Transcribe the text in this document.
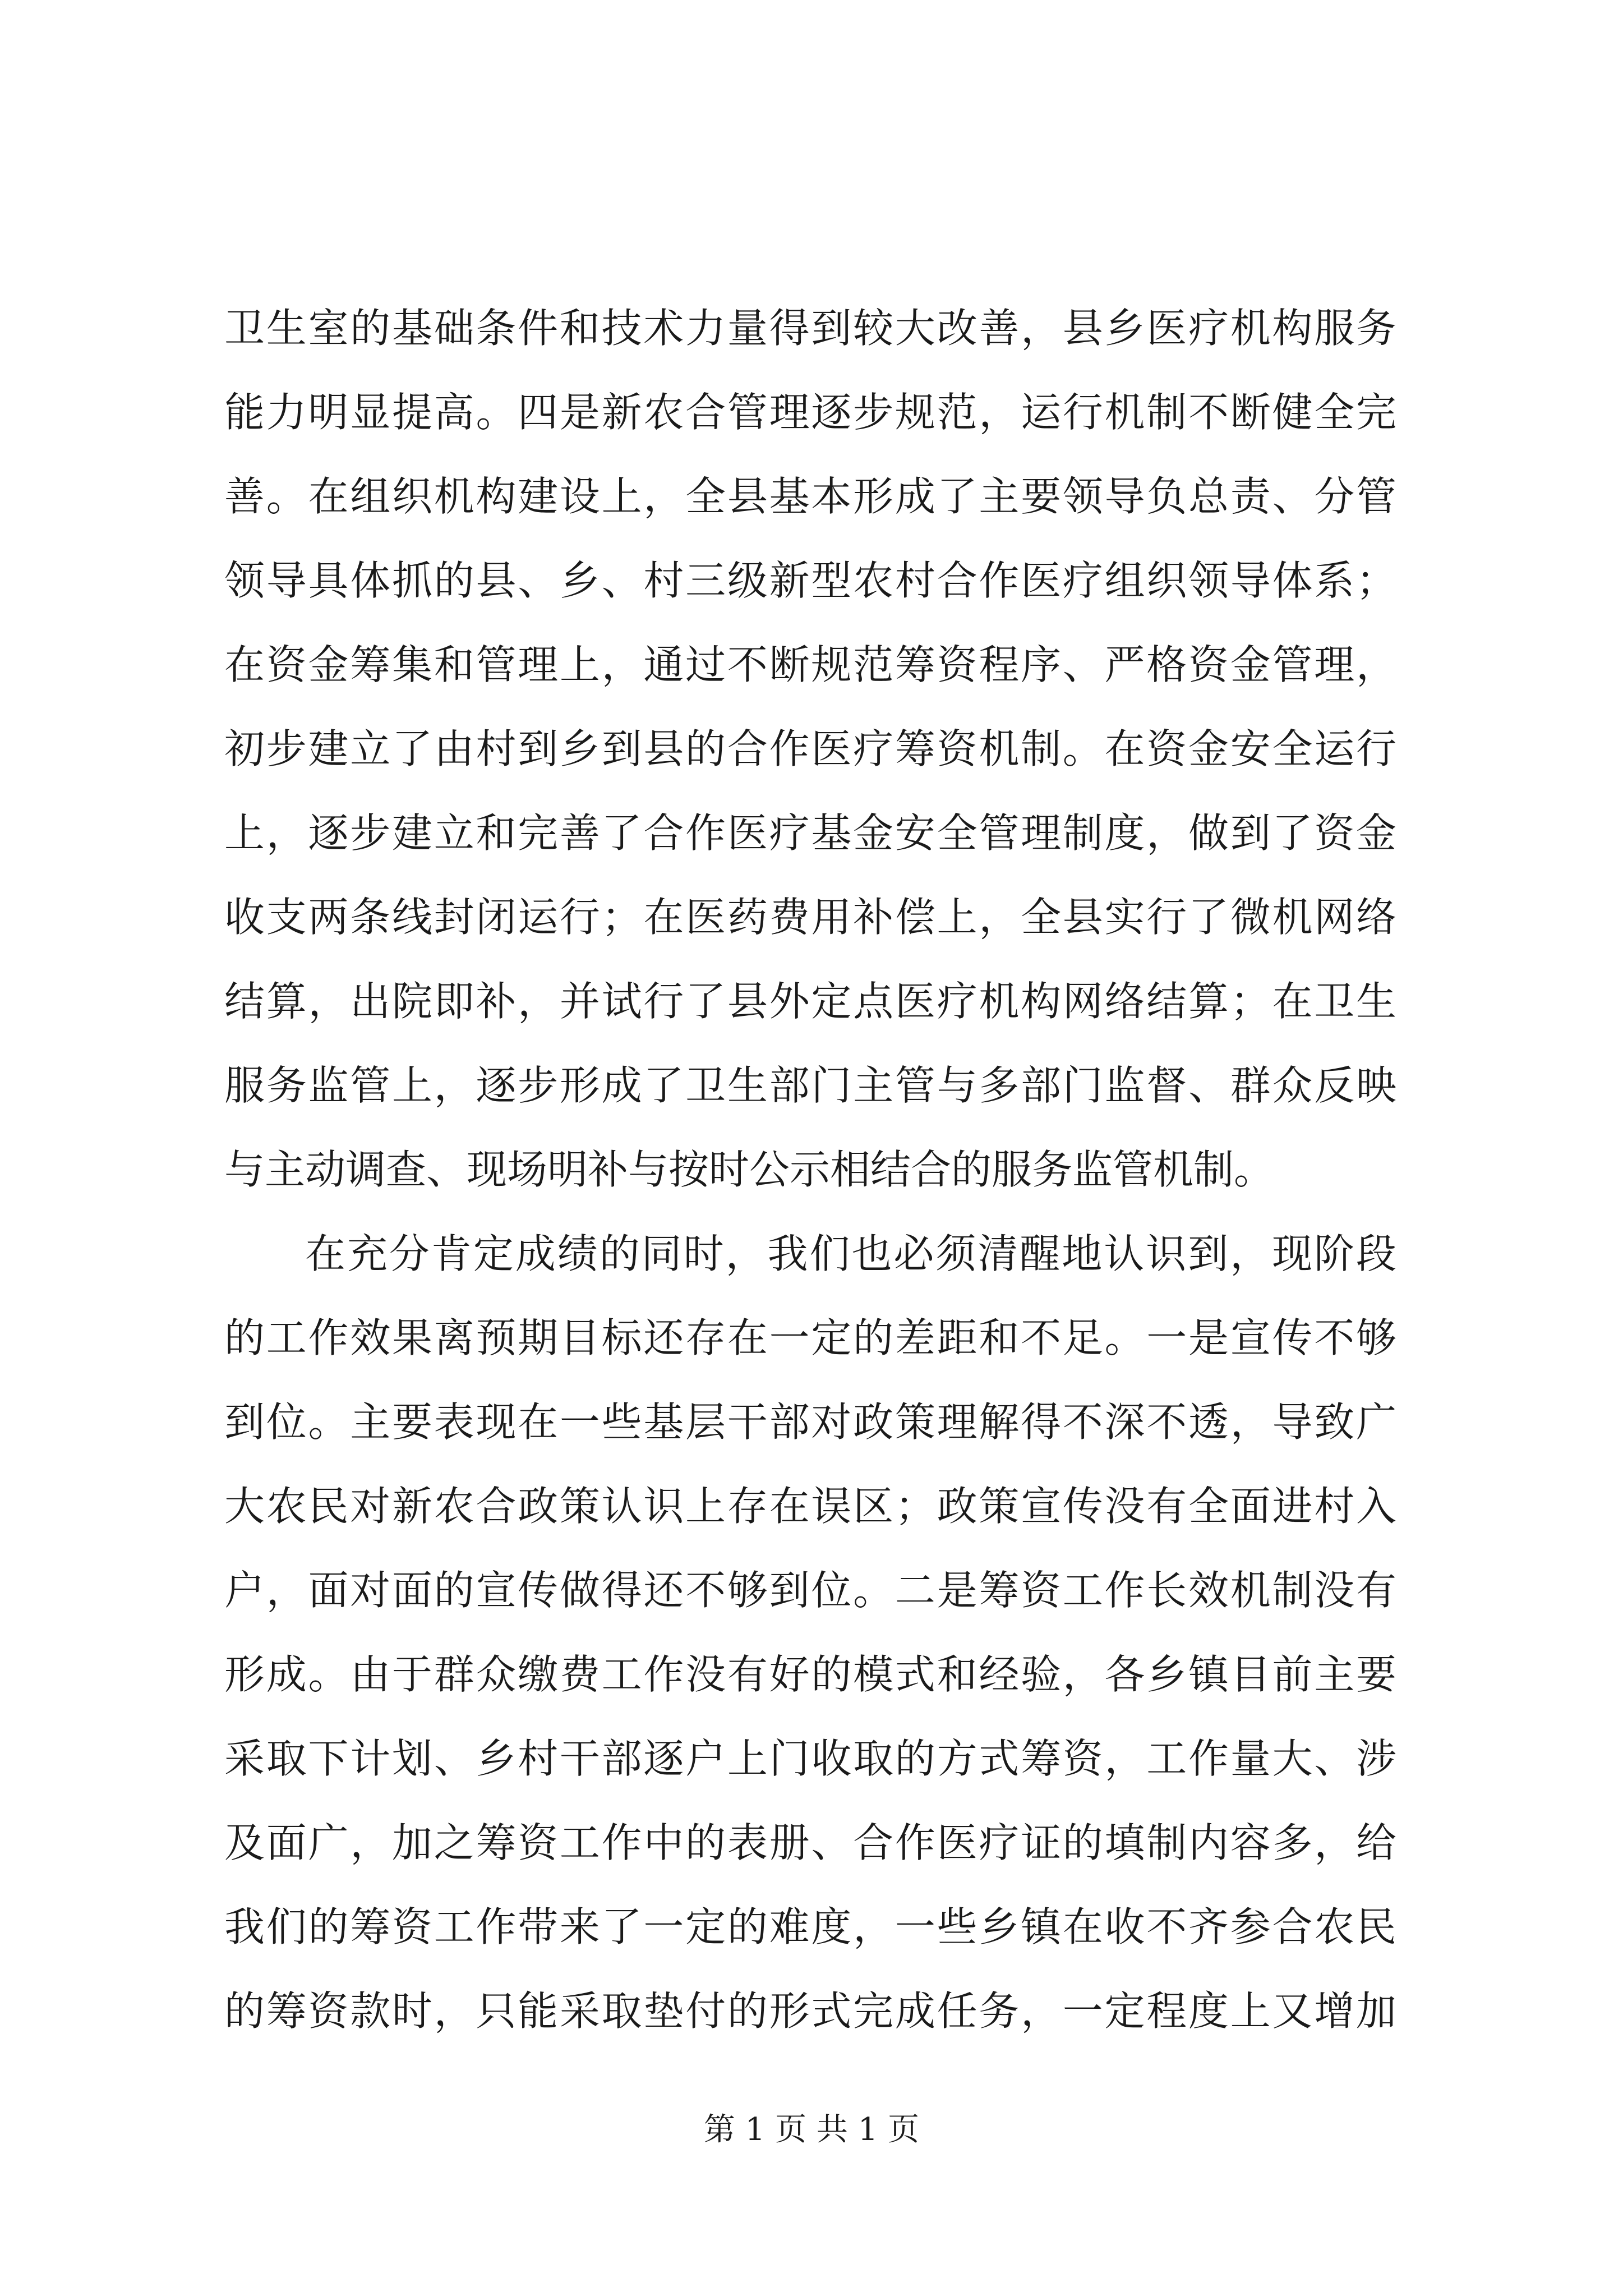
卫生室的基础条件和技术力量得到较大改善，县乡医疗机构服务
能力明显提高。四是新农合管理逐步规范，运行机制不断健全完
善。在组织机构建设上，全县基本形成了主要领导负总责、分管
领导具体抓的县、乡、村三级新型农村合作医疗组织领导体系；
在资金筹集和管理上，通过不断规范筹资程序、严格资金管理，
初步建立了由村到乡到县的合作医疗筹资机制。在资金安全运行
上，逐步建立和完善了合作医疗基金安全管理制度，做到了资金
收支两条线封闭运行；在医药费用补偿上，全县实行了微机网络
结算，出院即补，并试行了县外定点医疗机构网络结算；在卫生
服务监管上，逐步形成了卫生部门主管与多部门监督、群众反映
与主动调查、现场明补与按时公示相结合的服务监管机制。
在充分肯定成绩的同时，我们也必须清醒地认识到，现阶段
的工作效果离预期目标还存在一定的差距和不足。一是宣传不够
到位。主要表现在一些基层干部对政策理解得不深不透，导致广
大农民对新农合政策认识上存在误区；政策宣传没有全面进村入
户，面对面的宣传做得还不够到位。二是筹资工作长效机制没有
形成。由于群众缴费工作没有好的模式和经验，各乡镇目前主要
采取下计划、乡村干部逐户上门收取的方式筹资，工作量大、涉
及面广，加之筹资工作中的表册、合作医疗证的填制内容多，给
我们的筹资工作带来了一定的难度，一些乡镇在收不齐参合农民
的筹资款时，只能采取垫付的形式完成任务，一定程度上又增加
第 1 页 共 1 页
